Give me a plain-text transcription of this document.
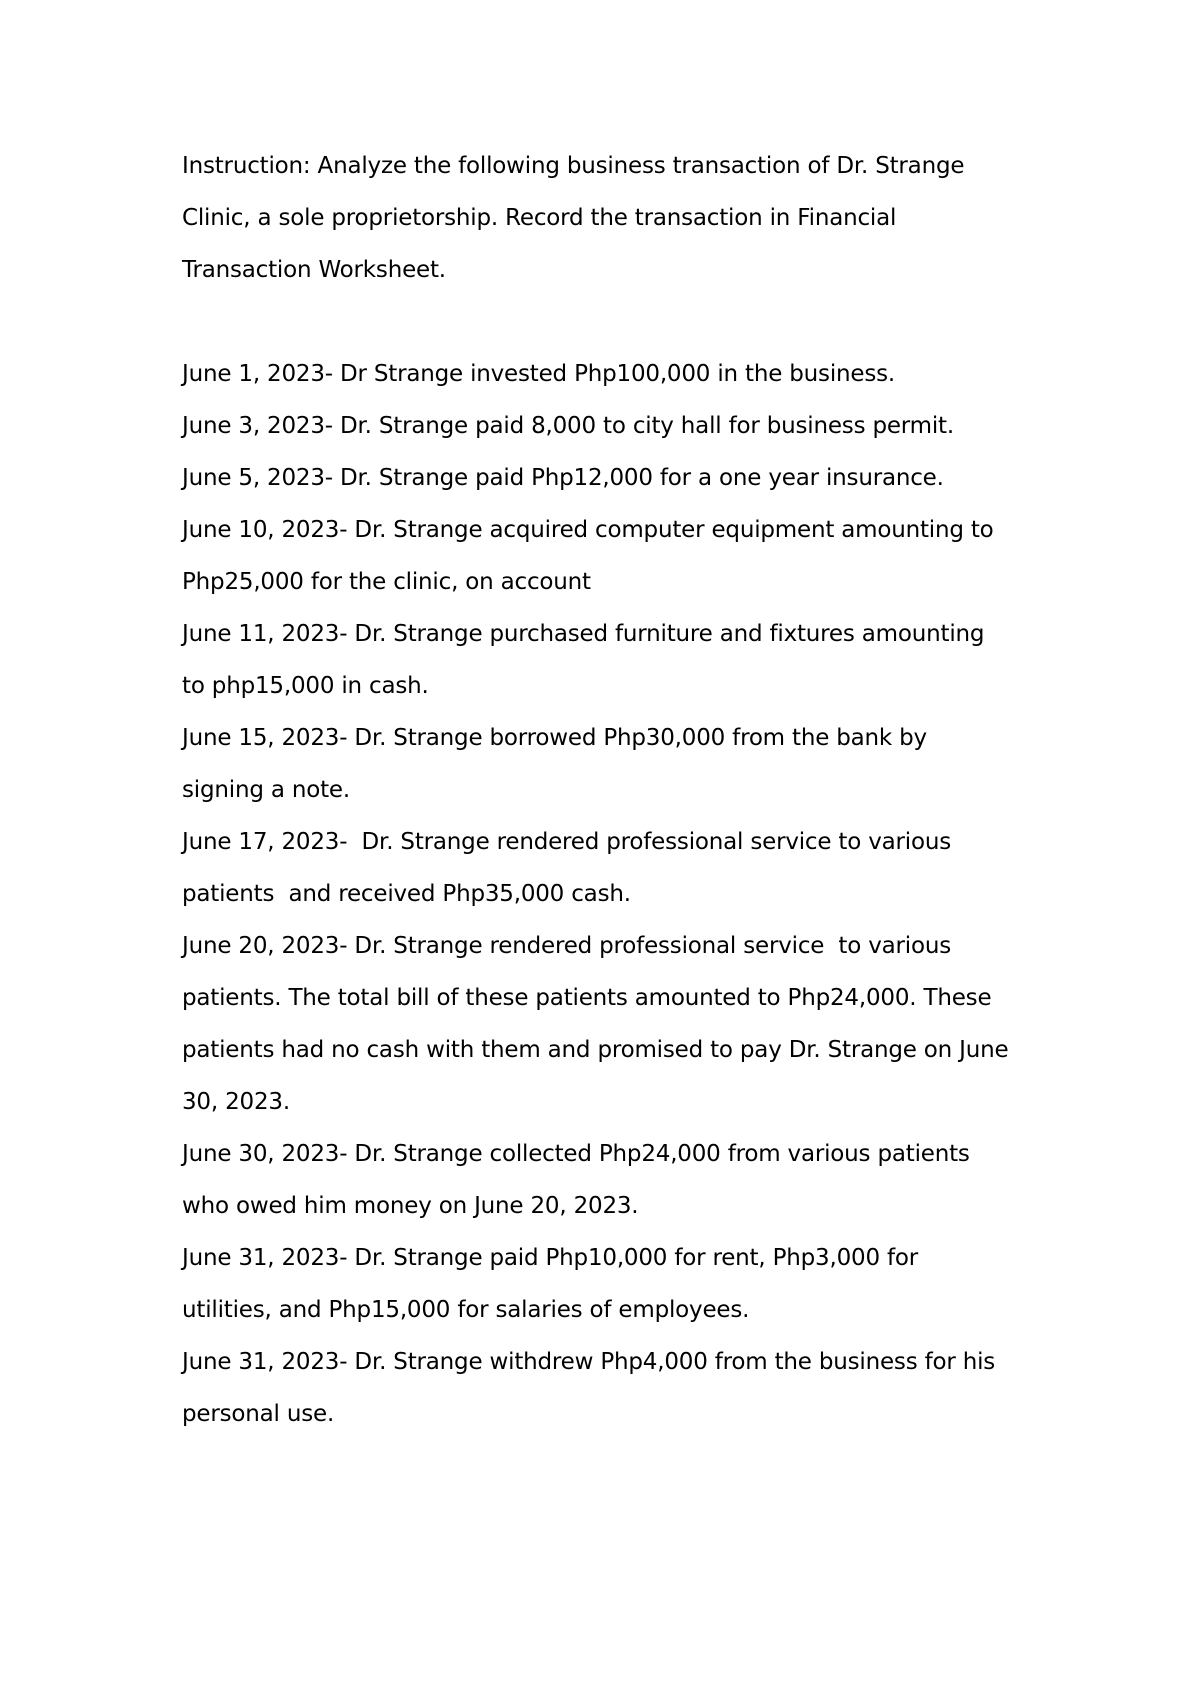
Instruction: Analyze the following business transaction of Dr. Strange
Clinic, a sole proprietorship. Record the transaction in Financial
Transaction Worksheet.
June 1, 2023- Dr Strange invested Php100,000 in the business.
June 3, 2023- Dr. Strange paid 8,000 to city hall for business permit.
June 5, 2023- Dr. Strange paid Php12,000 for a one year insurance.
June 10, 2023- Dr. Strange acquired computer equipment amounting to
Php25,000 for the clinic, on account
June 11, 2023- Dr. Strange purchased furniture and fixtures amounting
to php15,000 in cash.
June 15, 2023- Dr. Strange borrowed Php30,000 from the bank by
signing a note.
June 17, 2023-  Dr. Strange rendered professional service to various
patients  and received Php35,000 cash.
June 20, 2023- Dr. Strange rendered professional service  to various
patients. The total bill of these patients amounted to Php24,000. These
patients had no cash with them and promised to pay Dr. Strange on June
30, 2023.
June 30, 2023- Dr. Strange collected Php24,000 from various patients
who owed him money on June 20, 2023.
June 31, 2023- Dr. Strange paid Php10,000 for rent, Php3,000 for
utilities, and Php15,000 for salaries of employees.
June 31, 2023- Dr. Strange withdrew Php4,000 from the business for his
personal use.
